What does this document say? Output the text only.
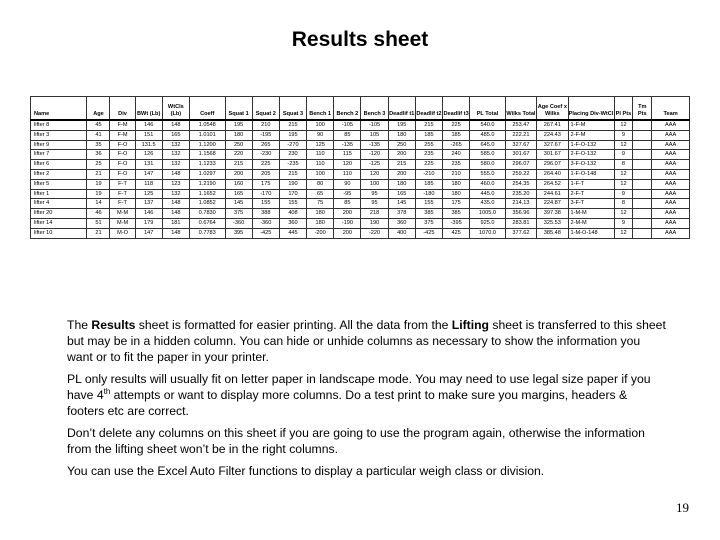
Results sheet
Name	Age	Div	BWt (Lb)	WtCls (Lb)	Coeff	Squat 1	Squat 2	Squat 3	Bench 1	Bench 2	Bench 3	Deadlif t1	Deadlif t2	Deadlif t3	PL Total	Wilks Total	Age Coef x Wilks	Placing Div-WtCl	Pl Pts	Tm Pts	Team
lifter 8	45	F-M	146	148	1.0548	195	210	215	100	-105	-105	195	215	225	540.0	253.47	267.41	1-F-M	12		AAA
lifter 3	41	F-M	151	165	1.0101	180	-195	195	90	85	105	180	185	185	485.0	222.21	224.43	2-F-M	9		AAA
lifter 9	35	F-O	131.5	132	1.1200	250	265	-270	125	-135	-135	250	255	-265	645.0	327.67	327.67	1-F-O-132	12		AAA
lifter 7	36	F-O	126	132	1.1568	220	-230	230	110	115	-120	200	235	240	585.0	301.67	301.67	2-F-O-132	9		AAA
lifter 6	25	F-O	131	132	1.1233	215	225	-235	110	120	-125	215	225	235	580.0	296.07	296.07	3-F-O-132	8		AAA
lifter 2	21	F-O	147	148	1.0297	200	205	215	100	110	120	200	-210	210	555.0	259.22	264.40	1-F-O-148	12		AAA
lifter 5	19	F-T	118	123	1.2190	160	175	190	80	90	100	180	185	180	460.0	254.35	264.52	1-F-T	12		AAA
lifter 1	19	F-T	125	132	1.1652	165	-170	170	65	-95	95	165	-180	180	445.0	235.20	244.61	2-F-T	9		AAA
lifter 4	14	F-T	137	148	1.0852	145	155	155	75	85	95	145	155	175	435.0	214.13	224.87	3-F-T	8		AAA
lifter 20	46	M-M	146	148	0.7830	375	388	408	180	200	218	378	385	385	1005.0	356.96	397.38	1-M-M	12		AAA
lifter 14	51	M-M	179	181	0.6764	-360	-360	360	180	-190	190	360	375	-395	925.0	283.81	325.53	2-M-M	9		AAA
lifter 10	21	M-O	147	148	0.7783	395	-425	445	-200	200	-220	400	-425	425	1070.0	377.62	385.48	1-M-O-148	12		AAA

The Results sheet is formatted for easier printing. All the data from the Lifting sheet is transferred to this sheet but may be in a hidden column. You can hide or unhide columns as necessary to show the information you want or to fit the paper in your printer.

PL only results will usually fit on letter paper in landscape mode. You may need to use legal size paper if you have 4th attempts or want to display more columns. Do a test print to make sure you margins, headers & footers etc are correct.

Don’t delete any columns on this sheet if you are going to use the program again, otherwise the information from the lifting sheet won’t be in the right columns.

You can use the Excel Auto Filter functions to display a particular weigh class or division.

19
